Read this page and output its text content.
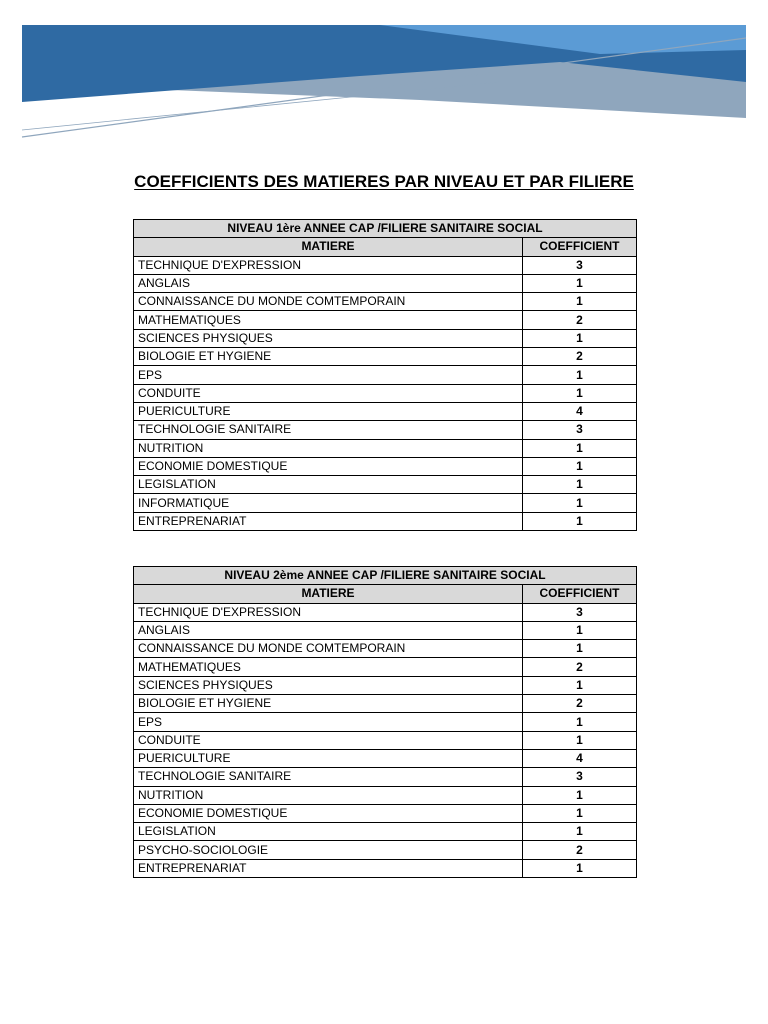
COEFFICIENTS DES MATIERES PAR NIVEAU ET PAR FILIERE
NIVEAU 1ère ANNEE CAP /FILIERE SANITAIRE SOCIAL	
MATIERE	COEFFICIENT
TECHNIQUE D'EXPRESSION	3
ANGLAIS	1
CONNAISSANCE DU MONDE COMTEMPORAIN	1
MATHEMATIQUES	2
SCIENCES PHYSIQUES	1
BIOLOGIE ET HYGIENE	2
EPS	1
CONDUITE	1
PUERICULTURE	4
TECHNOLOGIE SANITAIRE	3
NUTRITION	1
ECONOMIE DOMESTIQUE	1
LEGISLATION	1
INFORMATIQUE	1
ENTREPRENARIAT	1
NIVEAU 2ème ANNEE CAP /FILIERE SANITAIRE SOCIAL	
MATIERE	COEFFICIENT
TECHNIQUE D'EXPRESSION	3
ANGLAIS	1
CONNAISSANCE DU MONDE COMTEMPORAIN	1
MATHEMATIQUES	2
SCIENCES PHYSIQUES	1
BIOLOGIE ET HYGIENE	2
EPS	1
CONDUITE	1
PUERICULTURE	4
TECHNOLOGIE SANITAIRE	3
NUTRITION	1
ECONOMIE DOMESTIQUE	1
LEGISLATION	1
PSYCHO-SOCIOLOGIE	2
ENTREPRENARIAT	1
